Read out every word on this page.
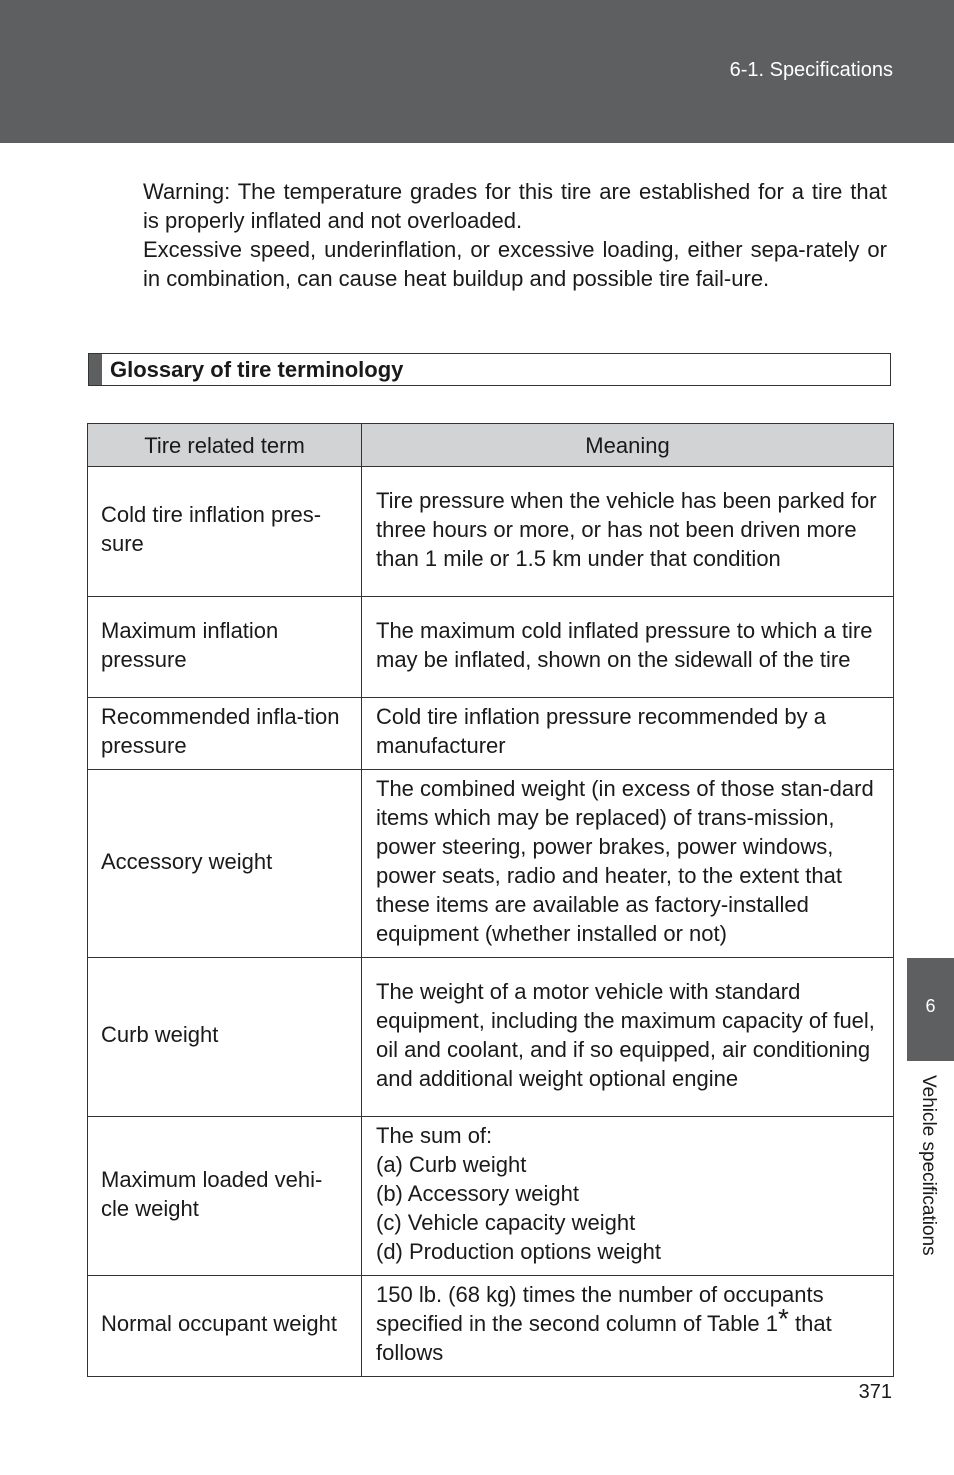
6-1. Specifications

Warning: The temperature grades for this tire are established for a tire that is properly inflated and not overloaded.

Excessive speed, underinflation, or excessive loading, either sepa-rately or in combination, can cause heat buildup and possible tire fail-ure.

Glossary of tire terminology
Tire related term	Meaning
Cold tire inflation pres-sure	Tire pressure when the vehicle has been parked for three hours or more, or has not been driven more than 1 mile or 1.5 km under that condition
Maximum inflation pressure	The maximum cold inflated pressure to which a tire may be inflated, shown on the sidewall of the tire
Recommended infla-tion pressure	Cold tire inflation pressure recommended by a manufacturer
Accessory weight	The combined weight (in excess of those stan-dard items which may be replaced) of trans-mission, power steering, power brakes, power windows, power seats, radio and heater, to the extent that these items are available as factory-installed equipment (whether installed or not)
Curb weight	The weight of a motor vehicle with standard equipment, including the maximum capacity of fuel, oil and coolant, and if so equipped, air conditioning and additional weight optional engine
Maximum loaded vehi-cle weight	The sum of:
(a) Curb weight
(b) Accessory weight
(c) Vehicle capacity weight
(d) Production options weight

Normal occupant weight	150 lb. (68 kg) times the number of occupants specified in the second column of Table 1* that follows
371
6
Vehicle specifications
